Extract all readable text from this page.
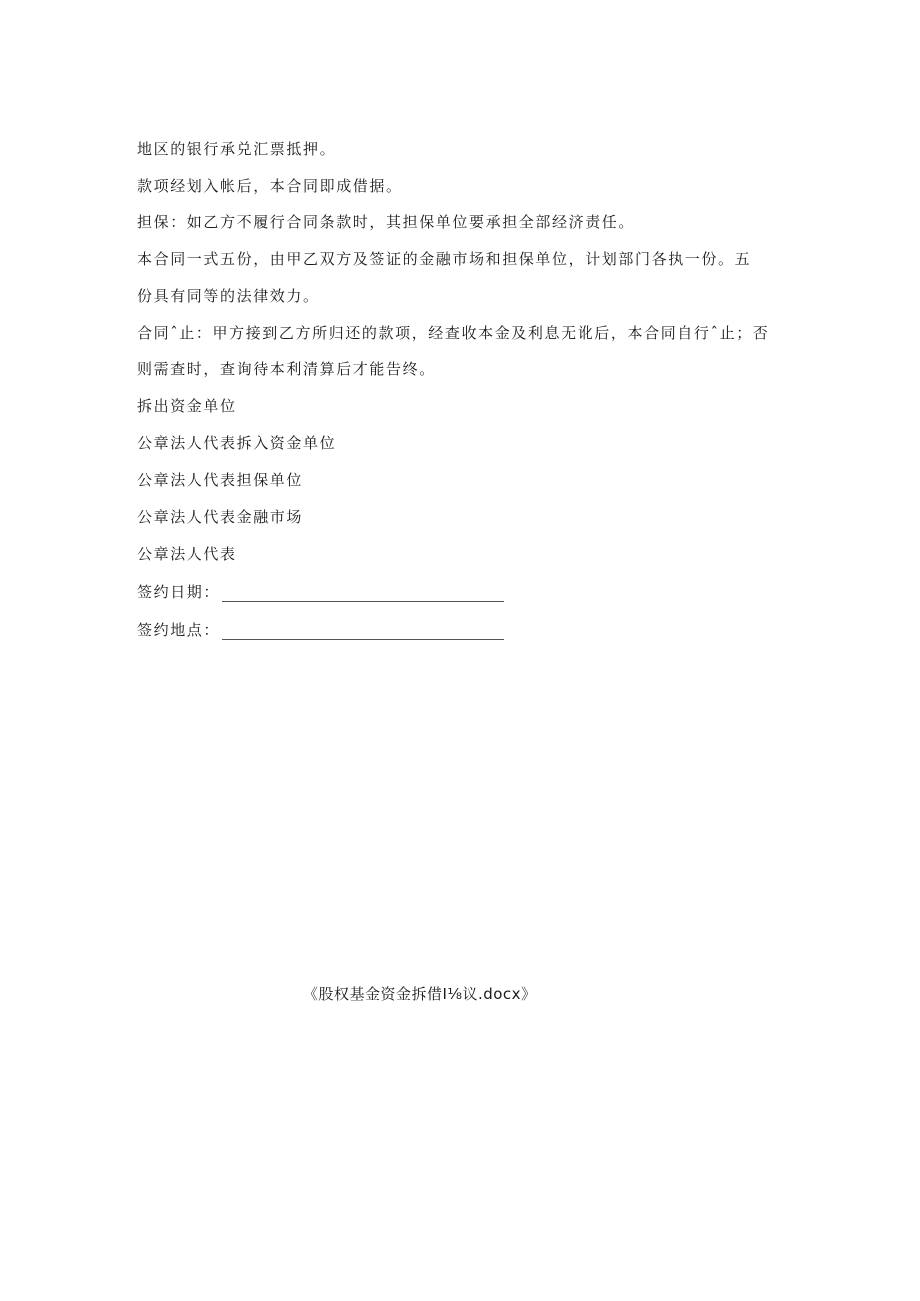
地区的银行承兑汇票抵押。
款项经划入帐后，本合同即成借据。
担保：如乙方不履行合同条款时，其担保单位要承担全部经济责任。
本合同一式五份，由甲乙双方及签证的金融市场和担保单位，计划部门各执一份。五
份具有同等的法律效力。
合同ˆ止：甲方接到乙方所归还的款项，经查收本金及利息无讹后，本合同自行ˆ止；否
则需查时，查询待本利清算后才能告终。
拆出资金单位
公章法人代表拆入资金单位
公章法人代表担保单位
公章法人代表金融市场
公章法人代表
签约日期：
签约地点：
《股权基金资金拆借I⅛议.docx》
